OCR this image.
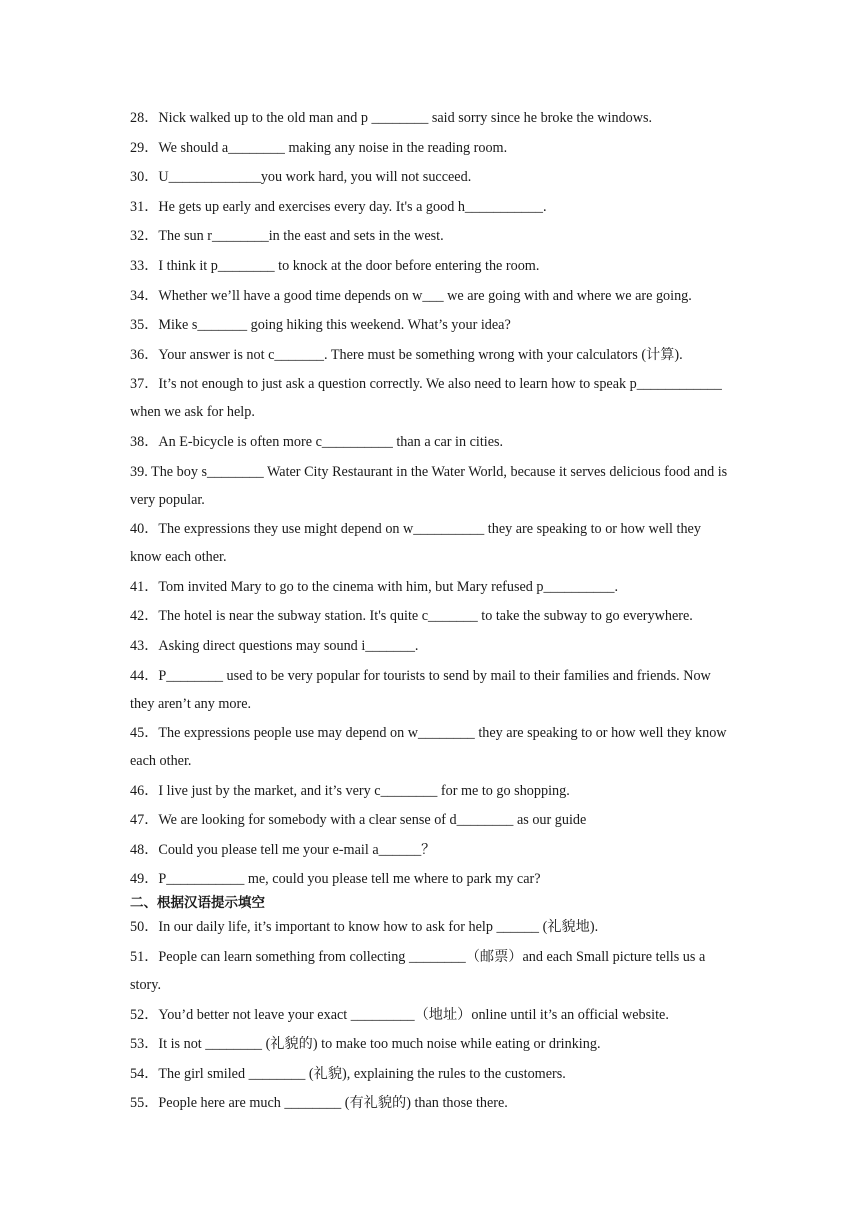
28．Nick walked up to the old man and p ________ said sorry since he broke the windows.

29．We should a________ making any noise in the reading room.

30．U_____________you work hard, you will not succeed.

31．He gets up early and exercises every day. It's a good h___________.

32．The sun r________in the east and sets in the west.

33．I think it p________ to knock at the door before entering the room.

34．Whether we’ll have a good time depends on w___ we are going with and where we are going.

35．Mike s_______ going hiking this weekend. What’s your idea?

36．Your answer is not c_______. There must be something wrong with your calculators (计算).

37．It’s not enough to just ask a question correctly. We also need to learn how to speak p____________ when we ask for help.

38．An E-bicycle is often more c__________ than a car in cities.

39. The boy s________ Water City Restaurant in the Water World, because it serves delicious food and is very popular.

40．The expressions they use might depend on w__________ they are speaking to or how well they know each other.

41．Tom invited Mary to go to the cinema with him, but Mary refused p__________.

42．The hotel is near the subway station. It's quite c_______ to take the subway to go everywhere.

43．Asking direct questions may sound i_______.

44．P________ used to be very popular for tourists to send by mail to their families and friends. Now they aren’t any more.

45．The expressions people use may depend on w________ they are speaking to or how well they know each other.

46．I live just by the market, and it’s very c________ for me to go shopping.

47．We are looking for somebody with a clear sense of d________ as our guide

48．Could you please tell me your e-mail a______？

49．P___________ me, could you please tell me where to park my car?

二、根据汉语提示填空

50．In our daily life, it’s important to know how to ask for help ______ (礼貌地).

51．People can learn something from collecting ________（邮票）and each Small picture tells us a story.

52．You’d better not leave your exact _________（地址）online until it’s an official website.

53．It is not ________ (礼貌的) to make too much noise while eating or drinking.

54．The girl smiled ________ (礼貌), explaining the rules to the customers.

55．People here are much ________ (有礼貌的) than those there.
